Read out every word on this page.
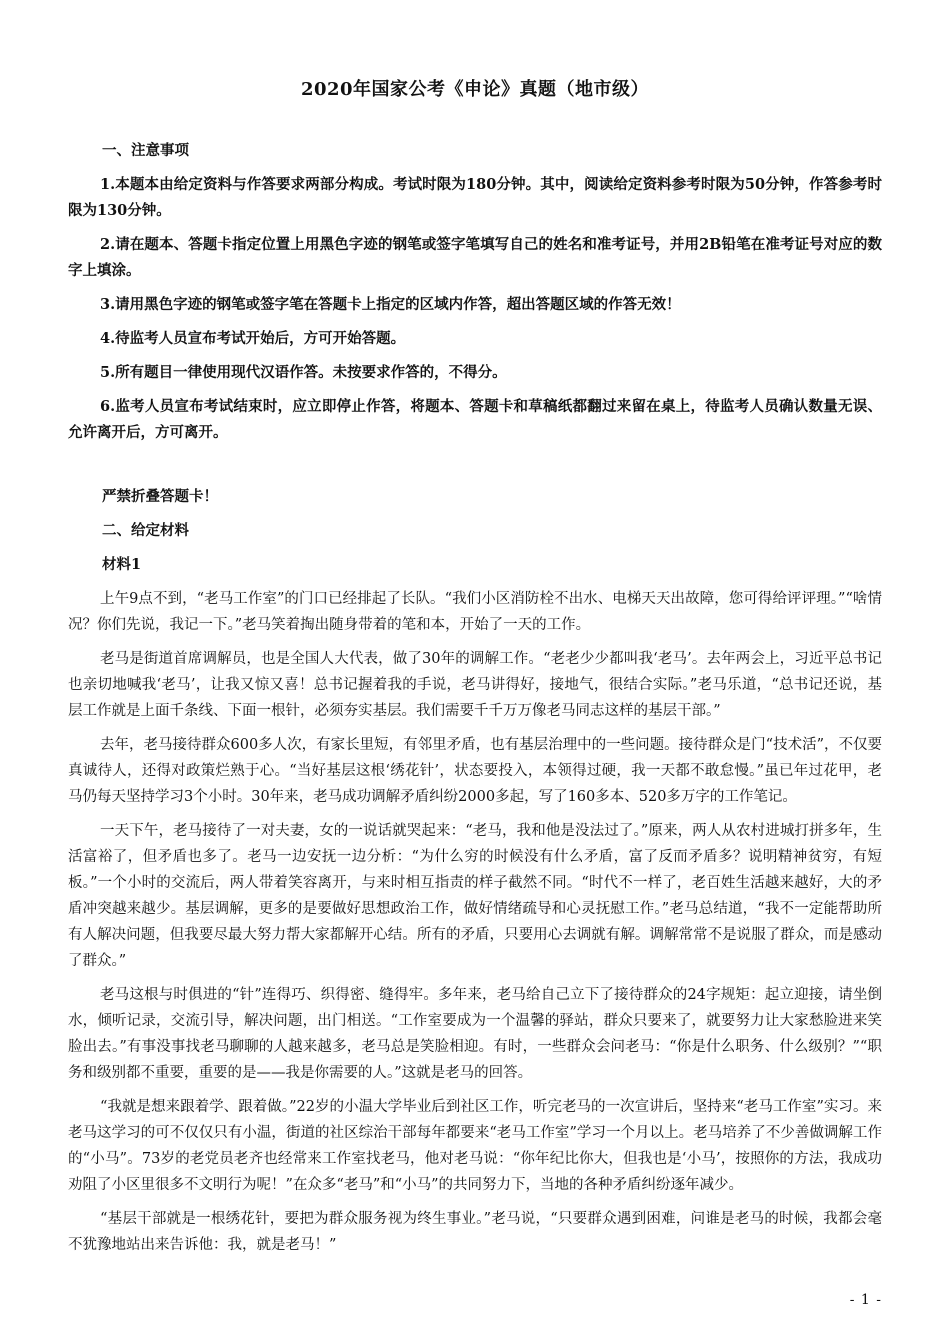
2020年国家公考《申论》真题（地市级）

一、注意事项

1.本题本由给定资料与作答要求两部分构成。考试时限为180分钟。其中，阅读给定资料参考时限为50分钟，作答参考时限为130分钟。

2.请在题本、答题卡指定位置上用黑色字迹的钢笔或签字笔填写自己的姓名和准考证号，并用2B铅笔在准考证号对应的数字上填涂。

3.请用黑色字迹的钢笔或签字笔在答题卡上指定的区域内作答，超出答题区域的作答无效！

4.待监考人员宣布考试开始后，方可开始答题。

5.所有题目一律使用现代汉语作答。未按要求作答的，不得分。

6.监考人员宣布考试结束时，应立即停止作答，将题本、答题卡和草稿纸都翻过来留在桌上，待监考人员确认数量无误、允许离开后，方可离开。

严禁折叠答题卡！

二、给定材料

材料1

上午9点不到，“老马工作室”的门口已经排起了长队。“我们小区消防栓不出水、电梯天天出故障，您可得给评评理。”“啥情况？你们先说，我记一下。”老马笑着掏出随身带着的笔和本，开始了一天的工作。

老马是街道首席调解员，也是全国人大代表，做了30年的调解工作。“老老少少都叫我‘老马’。去年两会上，习近平总书记也亲切地喊我‘老马’，让我又惊又喜！总书记握着我的手说，老马讲得好，接地气，很结合实际。”老马乐道，“总书记还说，基层工作就是上面千条线、下面一根针，必须夯实基层。我们需要千千万万像老马同志这样的基层干部。”

去年，老马接待群众600多人次，有家长里短，有邻里矛盾，也有基层治理中的一些问题。接待群众是门“技术活”，不仅要真诚待人，还得对政策烂熟于心。“当好基层这根‘绣花针’，状态要投入，本领得过硬，我一天都不敢怠慢。”虽已年过花甲，老马仍每天坚持学习3个小时。30年来，老马成功调解矛盾纠纷2000多起，写了160多本、520多万字的工作笔记。

一天下午，老马接待了一对夫妻，女的一说话就哭起来：“老马，我和他是没法过了。”原来，两人从农村进城打拼多年，生活富裕了，但矛盾也多了。老马一边安抚一边分析：“为什么穷的时候没有什么矛盾，富了反而矛盾多？说明精神贫穷，有短板。”一个小时的交流后，两人带着笑容离开，与来时相互指责的样子截然不同。“时代不一样了，老百姓生活越来越好，大的矛盾冲突越来越少。基层调解，更多的是要做好思想政治工作，做好情绪疏导和心灵抚慰工作。”老马总结道，“我不一定能帮助所有人解决问题，但我要尽最大努力帮大家都解开心结。所有的矛盾，只要用心去调就有解。调解常常不是说服了群众，而是感动了群众。”

老马这根与时俱进的“针”连得巧、织得密、缝得牢。多年来，老马给自己立下了接待群众的24字规矩：起立迎接，请坐倒水，倾听记录，交流引导，解决问题，出门相送。“工作室要成为一个温馨的驿站，群众只要来了，就要努力让大家愁脸进来笑脸出去。”有事没事找老马聊聊的人越来越多，老马总是笑脸相迎。有时，一些群众会问老马：“你是什么职务、什么级别？”“职务和级别都不重要，重要的是——我是你需要的人。”这就是老马的回答。

“我就是想来跟着学、跟着做。”22岁的小温大学毕业后到社区工作，听完老马的一次宣讲后，坚持来“老马工作室”实习。来老马这学习的可不仅仅只有小温，街道的社区综治干部每年都要来“老马工作室”学习一个月以上。老马培养了不少善做调解工作的“小马”。73岁的老党员老齐也经常来工作室找老马，他对老马说：“你年纪比你大，但我也是‘小马’，按照你的方法，我成功劝阻了小区里很多不文明行为呢！”在众多“老马”和“小马”的共同努力下，当地的各种矛盾纠纷逐年减少。

“基层干部就是一根绣花针，要把为群众服务视为终生事业。”老马说，“只要群众遇到困难，问谁是老马的时候，我都会毫不犹豫地站出来告诉他：我，就是老马！”

- 1 -
